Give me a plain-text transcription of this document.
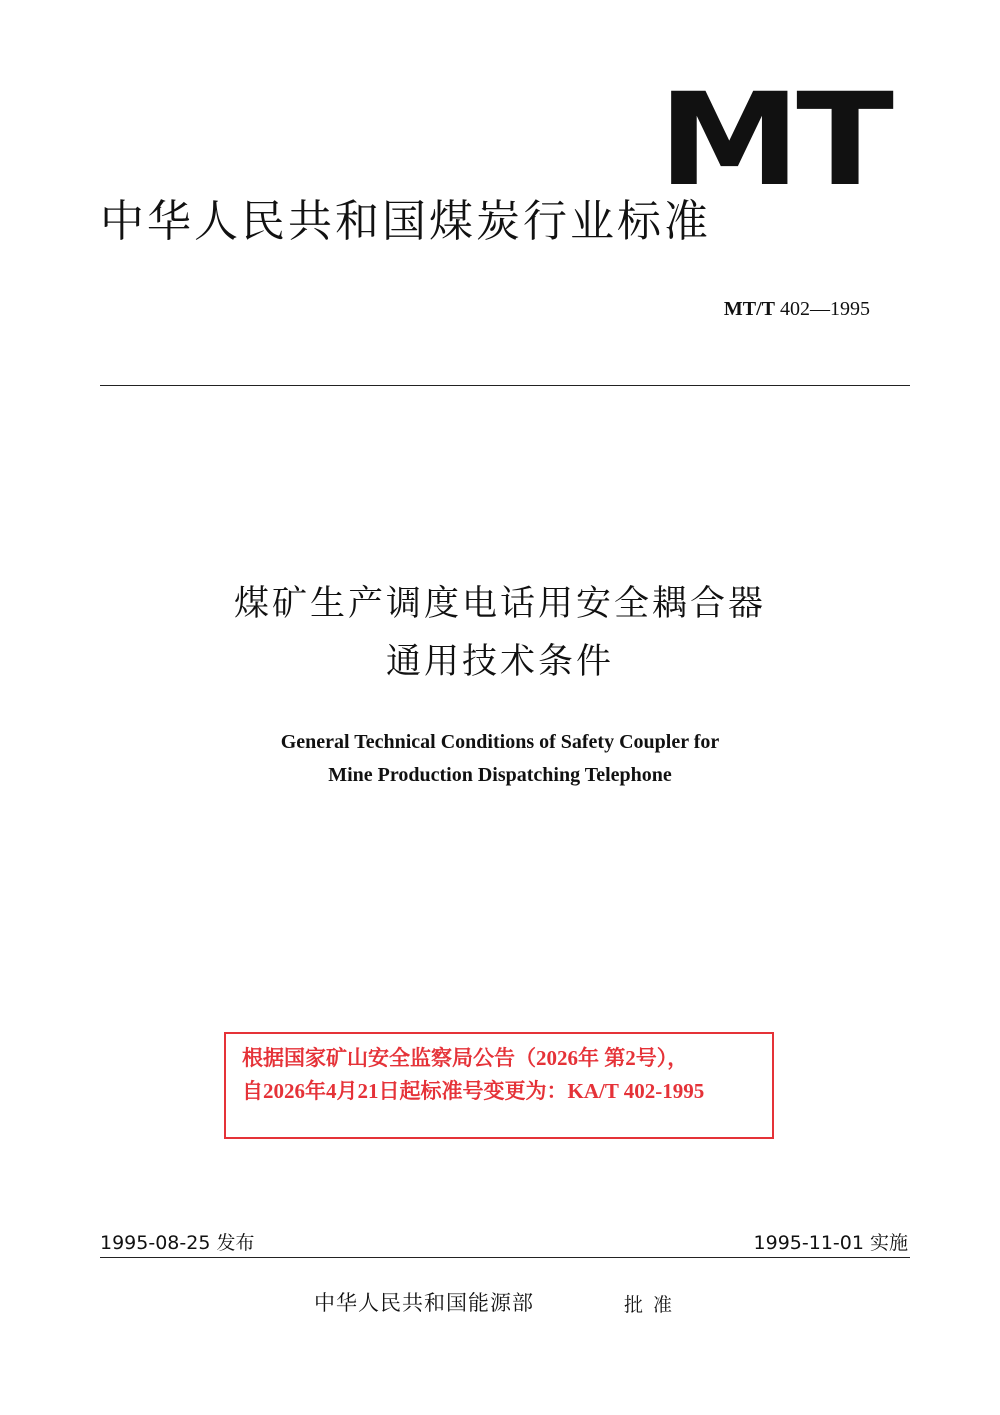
MT
中华人民共和国煤炭行业标准
MT/T 402—1995
煤矿生产调度电话用安全耦合器
通用技术条件
General Technical Conditions of Safety Coupler for
Mine Production Dispatching Telephone
根据国家矿山安全监察局公告（2026年 第2号），
自2026年4月21日起标准号变更为：KA/T 402-1995
1995-08-25 发布	1995-11-01 实施
中华人民共和国能源部	批准
